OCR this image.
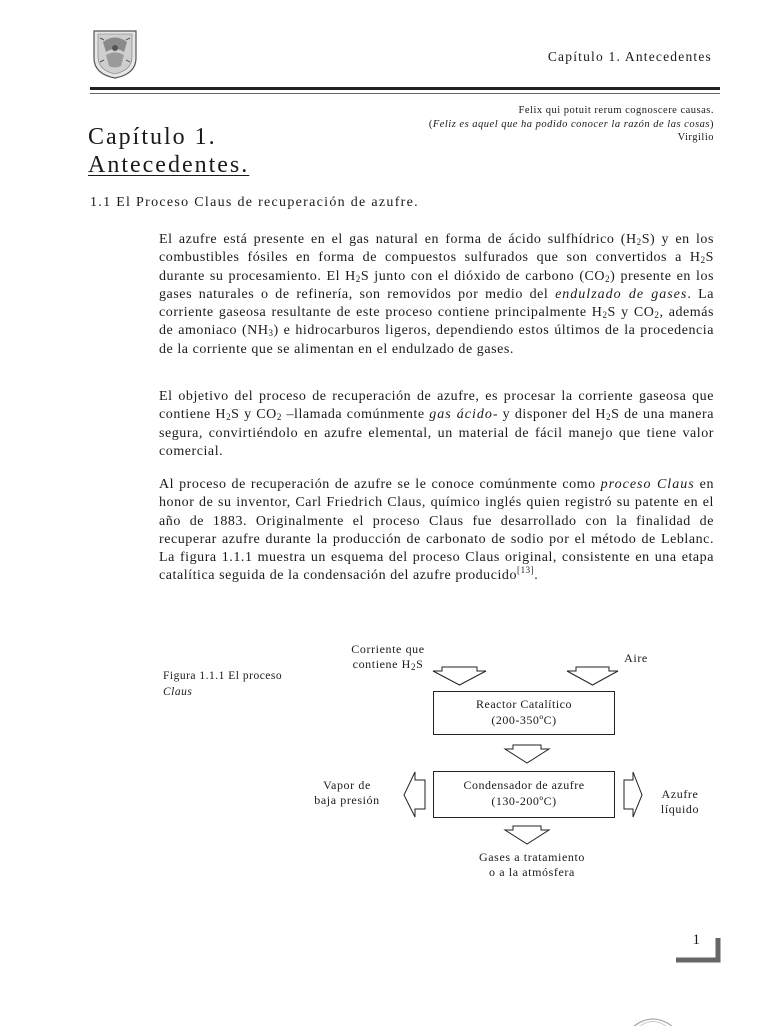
Capítulo 1. Antecedentes
Felix qui potuit rerum cognoscere causas.
(Feliz es aquel que ha podido conocer la razón de las cosas)
Virgilio
Capítulo 1.
Antecedentes.
1.1 El Proceso Claus de recuperación de azufre.
El azufre está presente en el gas natural en forma de ácido sulfhídrico $(H_2S)$ y en los combustibles fósiles en forma de compuestos sulfurados que son convertidos a $H_2S$ durante su procesamiento. El $H_2S$ junto con el dióxido de carbono $(CO_2)$ presente en los gases naturales o de refinería, son removidos por medio del endulzado de gases. La corriente gaseosa resultante de este proceso contiene principalmente $H_2S$ y $CO_2$, además de amoniaco $(NH_3)$ e hidrocarburos ligeros, dependiendo estos últimos de la procedencia de la corriente que se alimentan en el endulzado de gases.
El objetivo del proceso de recuperación de azufre, es procesar la corriente gaseosa que contiene $H_2S$ y $CO_2$ –llamada comúnmente gas ácido- y disponer del $H_2S$ de una manera segura, convirtiéndolo en azufre elemental, un material de fácil manejo que tiene valor comercial.
Al proceso de recuperación de azufre se le conoce comúnmente como proceso Claus en honor de su inventor, Carl Friedrich Claus, químico inglés quien registró su patente en el año de 1883. Originalmente el proceso Claus fue desarrollado con la finalidad de recuperar azufre durante la producción de carbonato de sodio por el método de Leblanc. La figura 1.1.1 muestra un esquema del proceso Claus original, consistente en una etapa catalítica seguida de la condensación del azufre producido[13].
Figura 1.1.1 El proceso
Claus
Corriente que
contiene $H_2S$	Aire
Reactor Catalítico
(200-350ºC)
Condensador de azufre
(130-200ºC)
Vapor de
baja presión	Azufre
líquido
Gases a tratamiento
o a la atmósfera
1
